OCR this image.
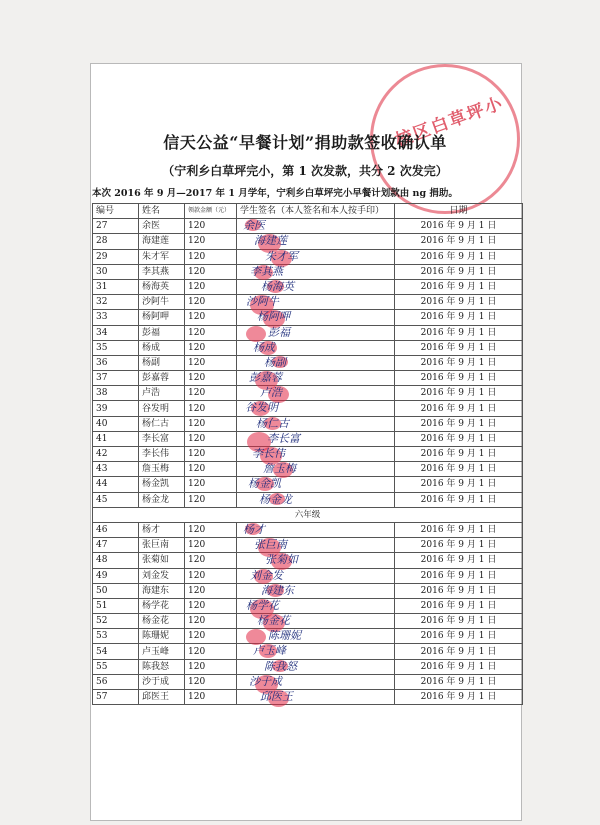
校区白草坪小
信天公益“早餐计划”捐助款签收确认单
（宁利乡白草坪完小，第 1 次发款，共分 2 次发完）
本次 2016 年 9 月—2017 年 1 月学年，宁利乡白草坪完小早餐计划款由 ng 捐助。
编号	姓名	领款金额（元）	学生签名（本人签名和本人按手印）	日期
27	余医	120	余医	2016 年 9 月 1 日
28	海建莲	120	海建莲	2016 年 9 月 1 日
29	朱才军	120	朱才军	2016 年 9 月 1 日
30	李其燕	120	李其燕	2016 年 9 月 1 日
31	杨海英	120	杨海英	2016 年 9 月 1 日
32	沙阿牛	120	沙阿牛	2016 年 9 月 1 日
33	杨阿呷	120	杨阿呷	2016 年 9 月 1 日
34	彭福	120	彭福	2016 年 9 月 1 日
35	杨成	120	杨成	2016 年 9 月 1 日
36	杨副	120	杨副	2016 年 9 月 1 日
37	彭嘉蓉	120	彭嘉蓉	2016 年 9 月 1 日
38	卢浩	120	卢浩	2016 年 9 月 1 日
39	谷发明	120	谷发明	2016 年 9 月 1 日
40	杨仁古	120	杨仁古	2016 年 9 月 1 日
41	李长富	120	李长富	2016 年 9 月 1 日
42	李长伟	120	李长伟	2016 年 9 月 1 日
43	詹玉梅	120	詹玉梅	2016 年 9 月 1 日
44	杨金凯	120	杨金凯	2016 年 9 月 1 日
45	杨金龙	120	杨金龙	2016 年 9 月 1 日
六年级				
46	杨才	120	杨才	2016 年 9 月 1 日
47	张巨南	120	张巨南	2016 年 9 月 1 日
48	张菊如	120	张菊如	2016 年 9 月 1 日
49	刘金发	120	刘金发	2016 年 9 月 1 日
50	海建东	120	海建东	2016 年 9 月 1 日
51	杨学花	120	杨学花	2016 年 9 月 1 日
52	杨金花	120	杨金花	2016 年 9 月 1 日
53	陈珊妮	120	陈珊妮	2016 年 9 月 1 日
54	卢玉峰	120	卢玉峰	2016 年 9 月 1 日
55	陈我怒	120	陈我怒	2016 年 9 月 1 日
56	沙于成	120	沙于成	2016 年 9 月 1 日
57	邱医王	120	邱医王	2016 年 9 月 1 日
